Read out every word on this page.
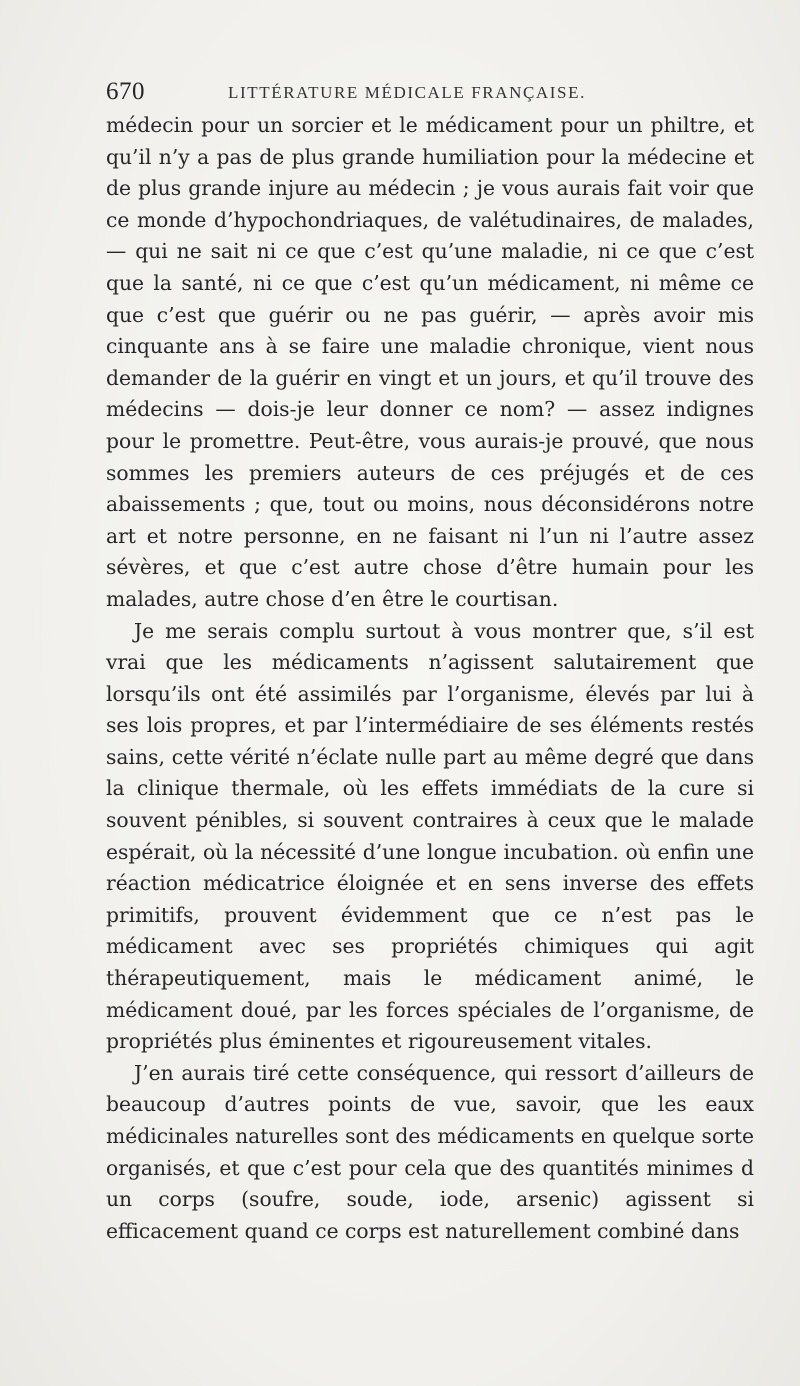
670	LITTÉRATURE MÉDICALE FRANÇAISE.

médecin pour un sorcier et le médicament pour un philtre, et qu’il n’y a pas de plus grande humiliation pour la médecine et de plus grande injure au médecin ; je vous aurais fait voir que ce monde d’hypochondriaques, de valétudinaires, de malades, — qui ne sait ni ce que c’est qu’une maladie, ni ce que c’est que la santé, ni ce que c’est qu’un médicament, ni même ce que c’est que guérir ou ne pas guérir, — après avoir mis cinquante ans à se faire une maladie chronique, vient nous demander de la guérir en vingt et un jours, et qu’il trouve des médecins — dois-je leur donner ce nom? — assez indignes pour le promettre. Peut-être, vous aurais-je prouvé, que nous sommes les premiers auteurs de ces préjugés et de ces abaissements ; que, tout ou moins, nous déconsidérons notre art et notre personne, en ne faisant ni l’un ni l’autre assez sévères, et que c’est autre chose d’être humain pour les malades, autre chose d’en être le courtisan.

Je me serais complu surtout à vous montrer que, s’il est vrai que les médicaments n’agissent salutairement que lorsqu’ils ont été assimilés par l’organisme, élevés par lui à ses lois propres, et par l’intermédiaire de ses éléments restés sains, cette vérité n’éclate nulle part au même degré que dans la clinique thermale, où les effets immédiats de la cure si souvent pénibles, si souvent contraires à ceux que le malade espérait, où la nécessité d’une longue incubation. où enfin une réaction médicatrice éloignée et en sens inverse des effets primitifs, prouvent évidemment que ce n’est pas le médicament avec ses propriétés chimiques qui agit thérapeutiquement, mais le médicament animé, le médicament doué, par les forces spéciales de l’organisme, de propriétés plus éminentes et rigoureusement vitales.

J’en aurais tiré cette conséquence, qui ressort d’ailleurs de beaucoup d’autres points de vue, savoir, que les eaux médicinales naturelles sont des médicaments en quelque sorte organisés, et que c’est pour cela que des quantités minimes d un corps (soufre, soude, iode, arsenic) agissent si efficacement quand ce corps est naturellement combiné dans
